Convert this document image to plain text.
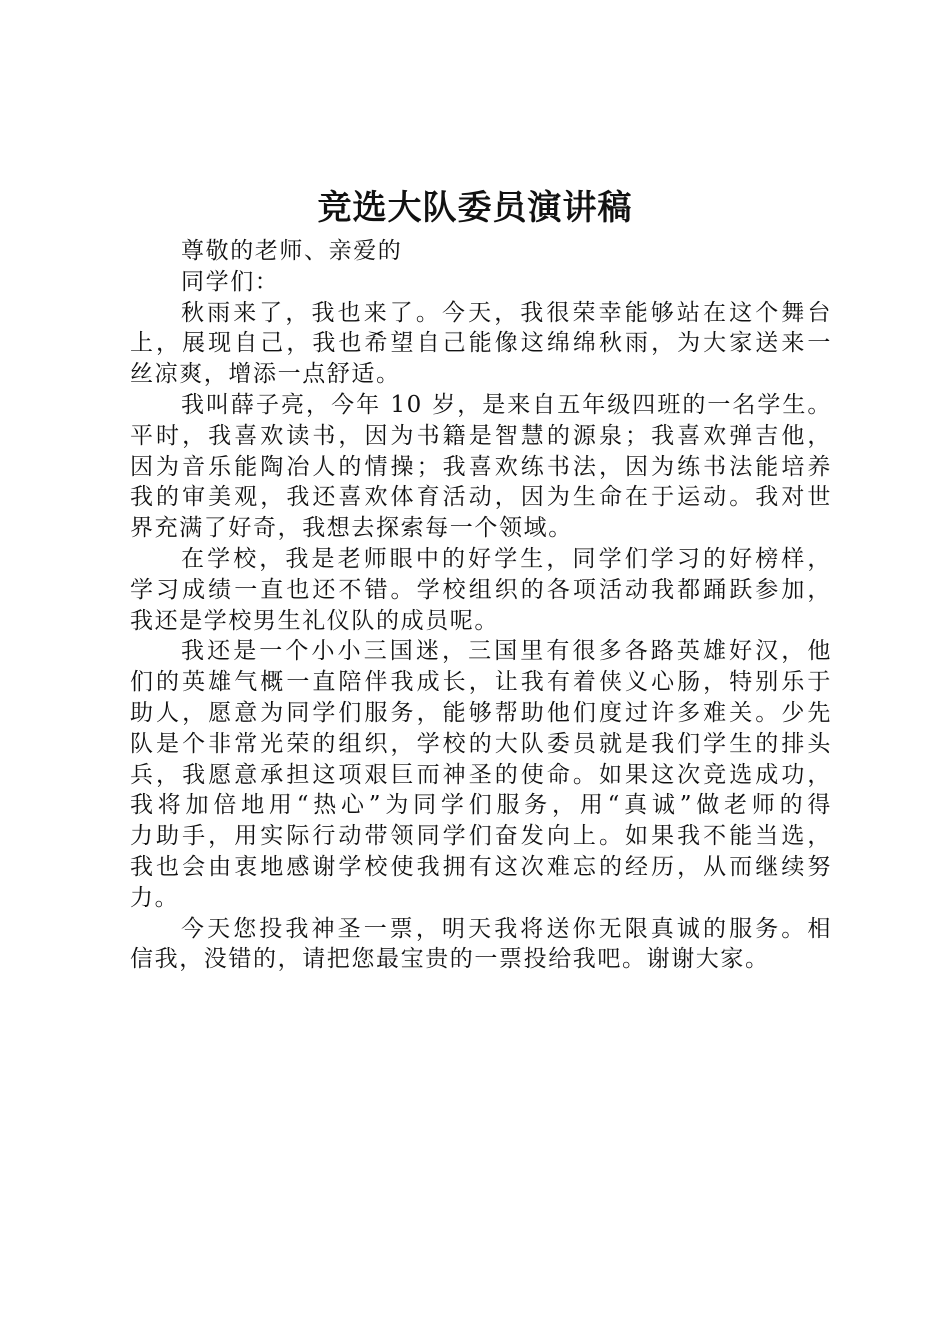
竞选大队委员演讲稿
尊敬的老师、亲爱的
同学们：
秋雨来了，我也来了。今天，我很荣幸能够站在这个舞台
上，展现自己，我也希望自己能像这绵绵秋雨，为大家送来一
丝凉爽，增添一点舒适。
我叫薛子亮，今年 10 岁，是来自五年级四班的一名学生。
平时，我喜欢读书，因为书籍是智慧的源泉；我喜欢弹吉他，
因为音乐能陶冶人的情操；我喜欢练书法，因为练书法能培养
我的审美观，我还喜欢体育活动，因为生命在于运动。我对世
界充满了好奇，我想去探索每一个领域。
在学校，我是老师眼中的好学生，同学们学习的好榜样，
学习成绩一直也还不错。学校组织的各项活动我都踊跃参加，
我还是学校男生礼仪队的成员呢。
我还是一个小小三国迷，三国里有很多各路英雄好汉，他
们的英雄气概一直陪伴我成长，让我有着侠义心肠，特别乐于
助人，愿意为同学们服务，能够帮助他们度过许多难关。少先
队是个非常光荣的组织，学校的大队委员就是我们学生的排头
兵，我愿意承担这项艰巨而神圣的使命。如果这次竞选成功，
我将加倍地用“热心”为同学们服务，用“真诚”做老师的得
力助手，用实际行动带领同学们奋发向上。如果我不能当选，
我也会由衷地感谢学校使我拥有这次难忘的经历，从而继续努
力。
今天您投我神圣一票，明天我将送你无限真诚的服务。相
信我，没错的，请把您最宝贵的一票投给我吧。谢谢大家。
